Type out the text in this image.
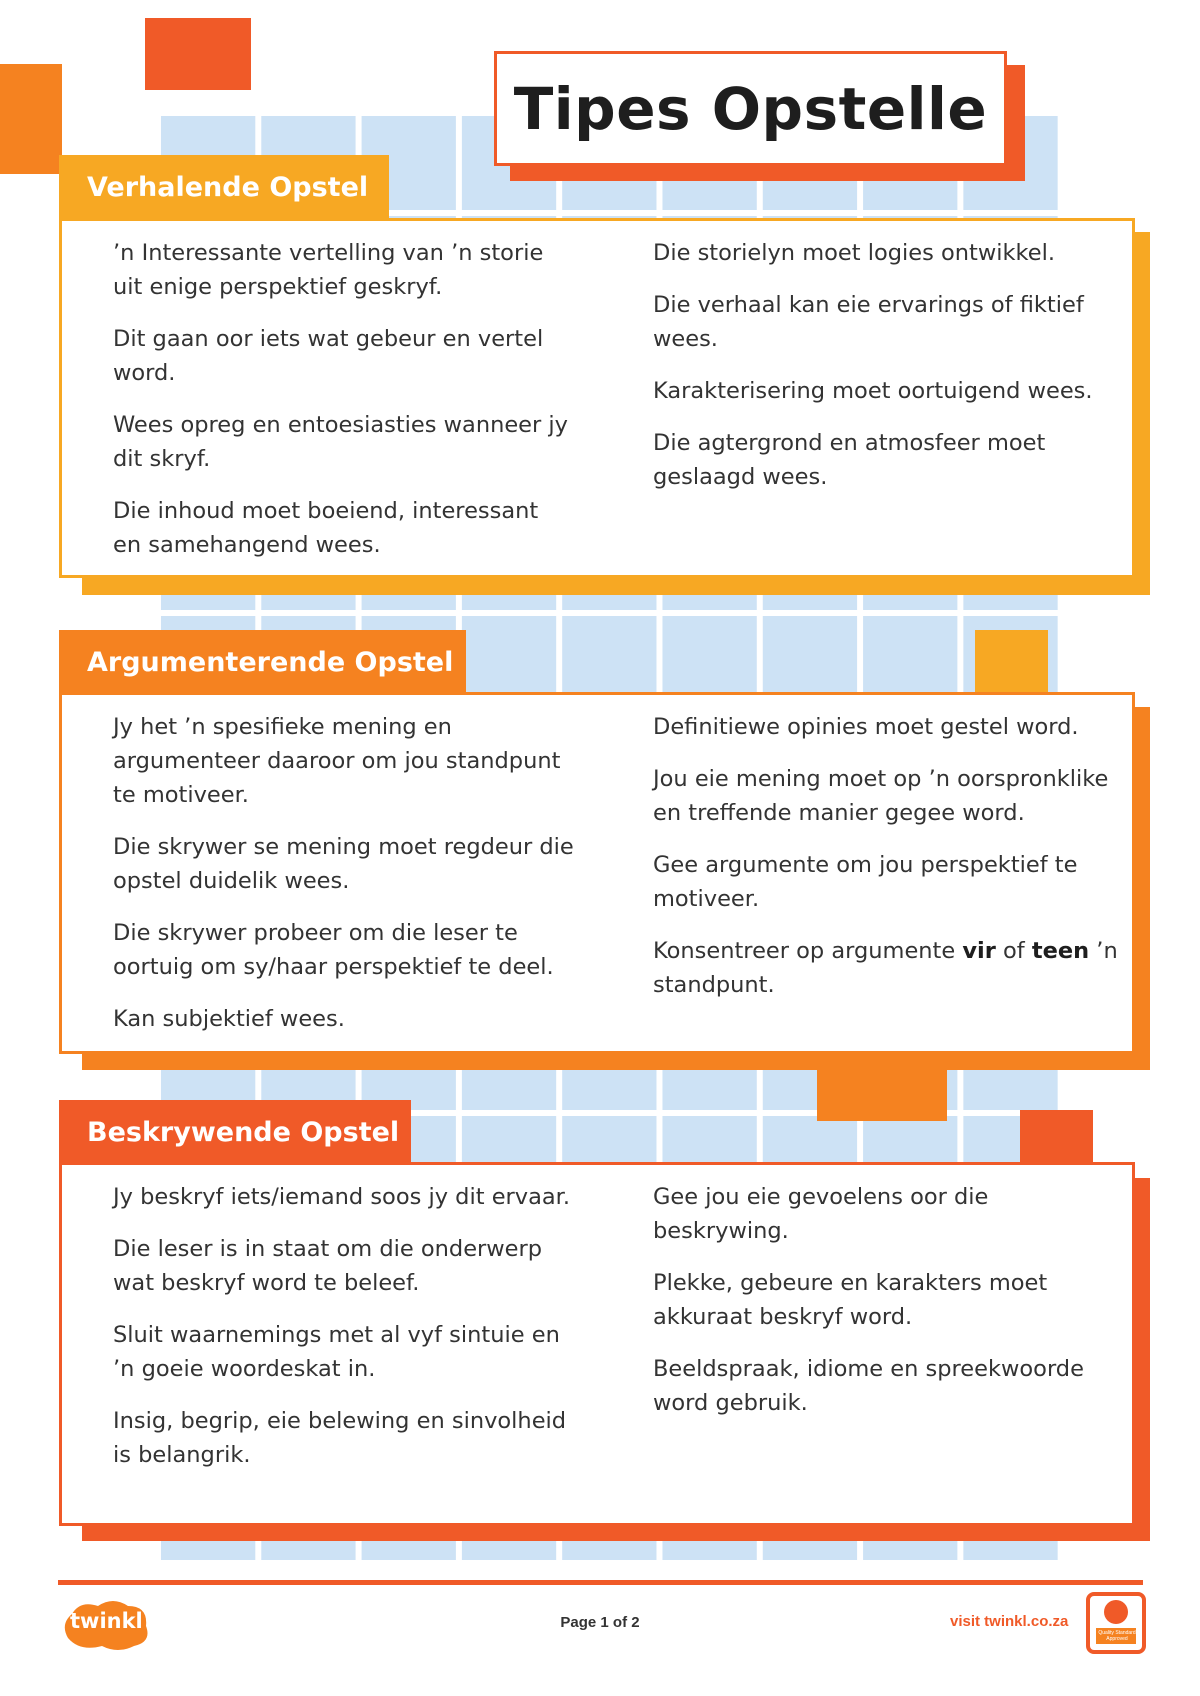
Tipes Opstelle
Verhalende Opstel

’n Interessante vertelling van ’n storie uit enige perspektief geskryf.

Dit gaan oor iets wat gebeur en vertel word.

Wees opreg en entoesiasties wanneer jy dit skryf.

Die inhoud moet boeiend, interessant en samehangend wees.

Die storielyn moet logies ontwikkel.

Die verhaal kan eie ervarings of fiktief wees.

Karakterisering moet oortuigend wees.

Die agtergrond en atmosfeer moet geslaagd wees.

Argumenterende Opstel

Jy het ’n spesifieke mening en argumenteer daaroor om jou standpunt te motiveer.

Die skrywer se mening moet regdeur die opstel duidelik wees.

Die skrywer probeer om die leser te oortuig om sy/haar perspektief te deel.

Kan subjektief wees.

Definitiewe opinies moet gestel word.

Jou eie mening moet op ’n oorspronklike en treffende manier gegee word.

Gee argumente om jou perspektief te motiveer.

Konsentreer op argumente vir of teen ’n standpunt.

Beskrywende Opstel

Jy beskryf iets/iemand soos jy dit ervaar.

Die leser is in staat om die onderwerp wat beskryf word te beleef.

Sluit waarnemings met al vyf sintuie en ’n goeie woordeskat in.

Insig, begrip, eie belewing en sinvolheid is belangrik.

Gee jou eie gevoelens oor die beskrywing.

Plekke, gebeure en karakters moet akkuraat beskryf word.

Beeldspraak, idiome en spreekwoorde word gebruik.

twinkl	Page 1 of 2	visit twinkl.co.za
Quality Standard Approved
